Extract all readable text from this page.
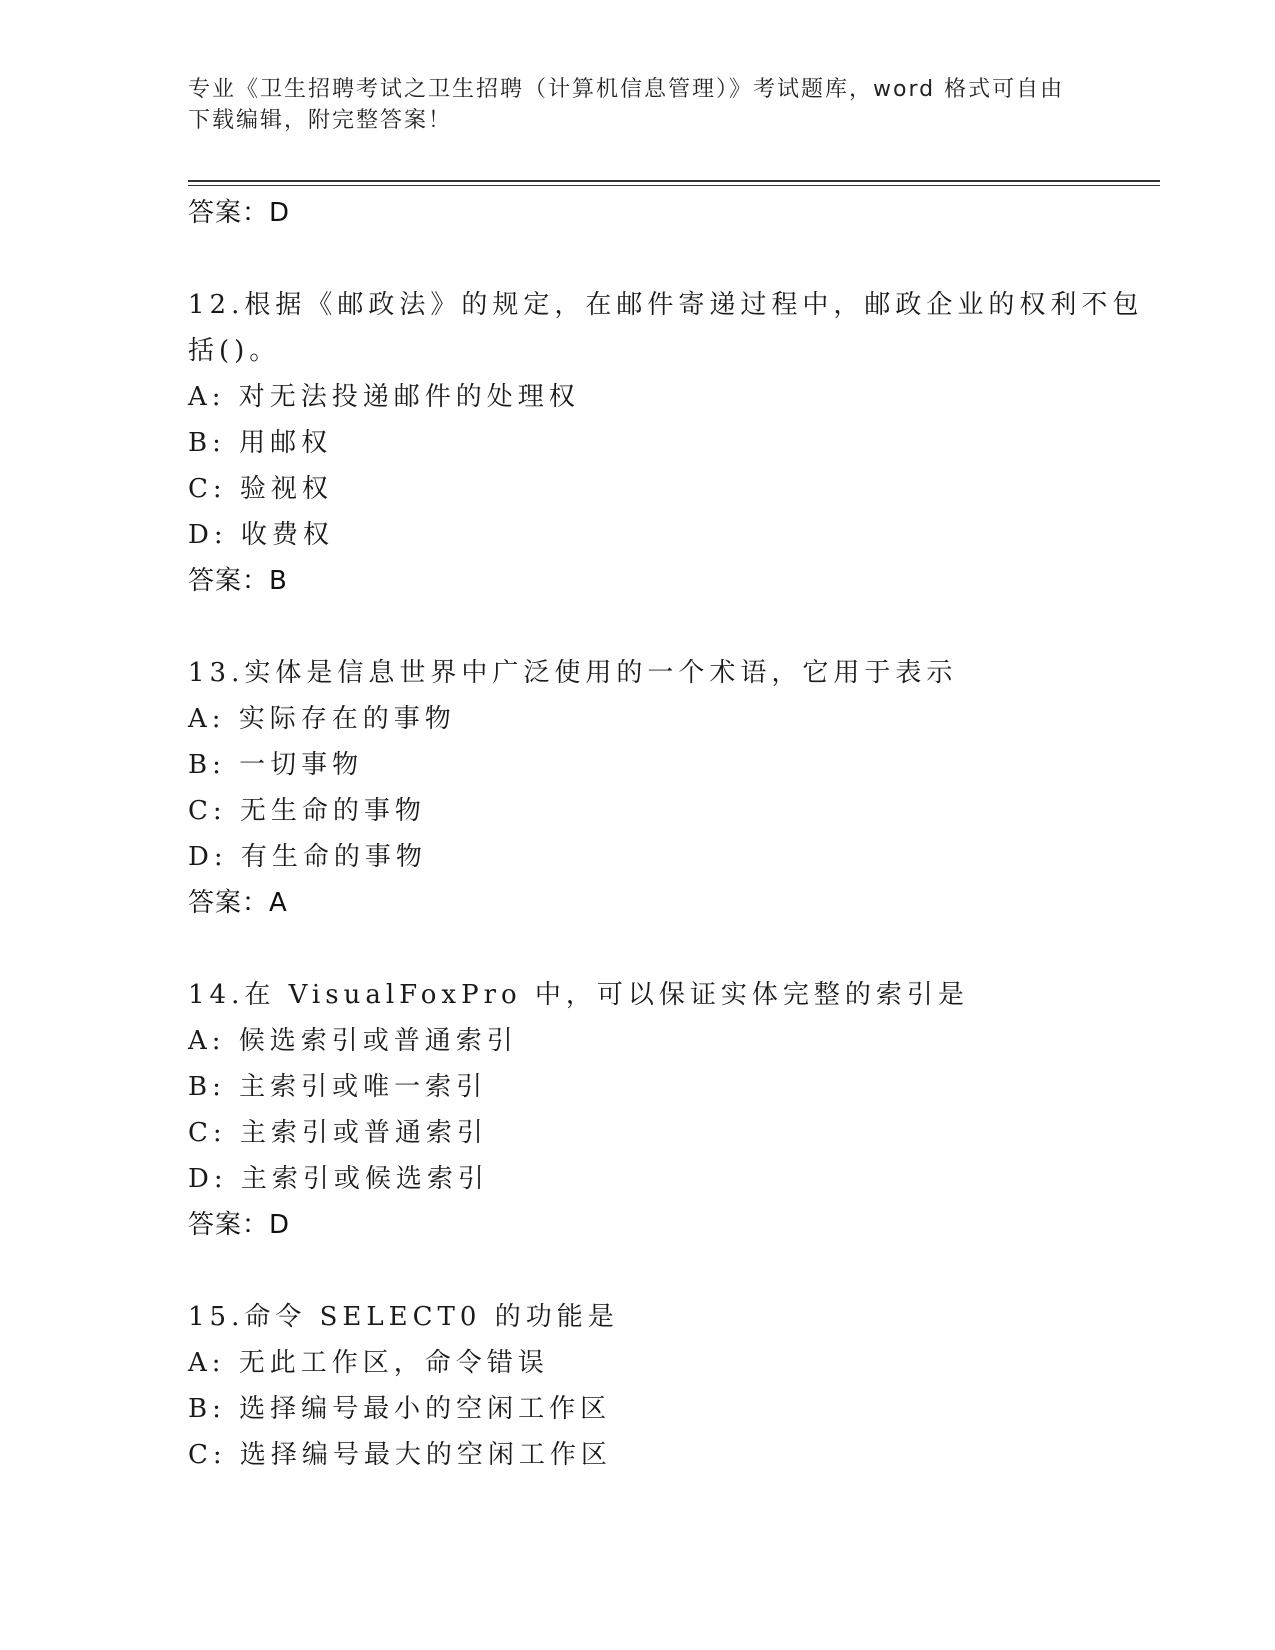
专业《卫生招聘考试之卫生招聘（计算机信息管理）》考试题库，word 格式可自由下载编辑，附完整答案！
答案：D
12.根据《邮政法》的规定，在邮件寄递过程中，邮政企业的权利不包
括()。
A: 对无法投递邮件的处理权
B: 用邮权
C: 验视权
D: 收费权
答案：B
13.实体是信息世界中广泛使用的一个术语，它用于表示
A: 实际存在的事物
B: 一切事物
C: 无生命的事物
D: 有生命的事物
答案：A
14.在 VisualFoxPro 中，可以保证实体完整的索引是
A: 候选索引或普通索引
B: 主索引或唯一索引
C: 主索引或普通索引
D: 主索引或候选索引
答案：D
15.命令 SELECT0 的功能是
A: 无此工作区，命令错误
B: 选择编号最小的空闲工作区
C: 选择编号最大的空闲工作区
